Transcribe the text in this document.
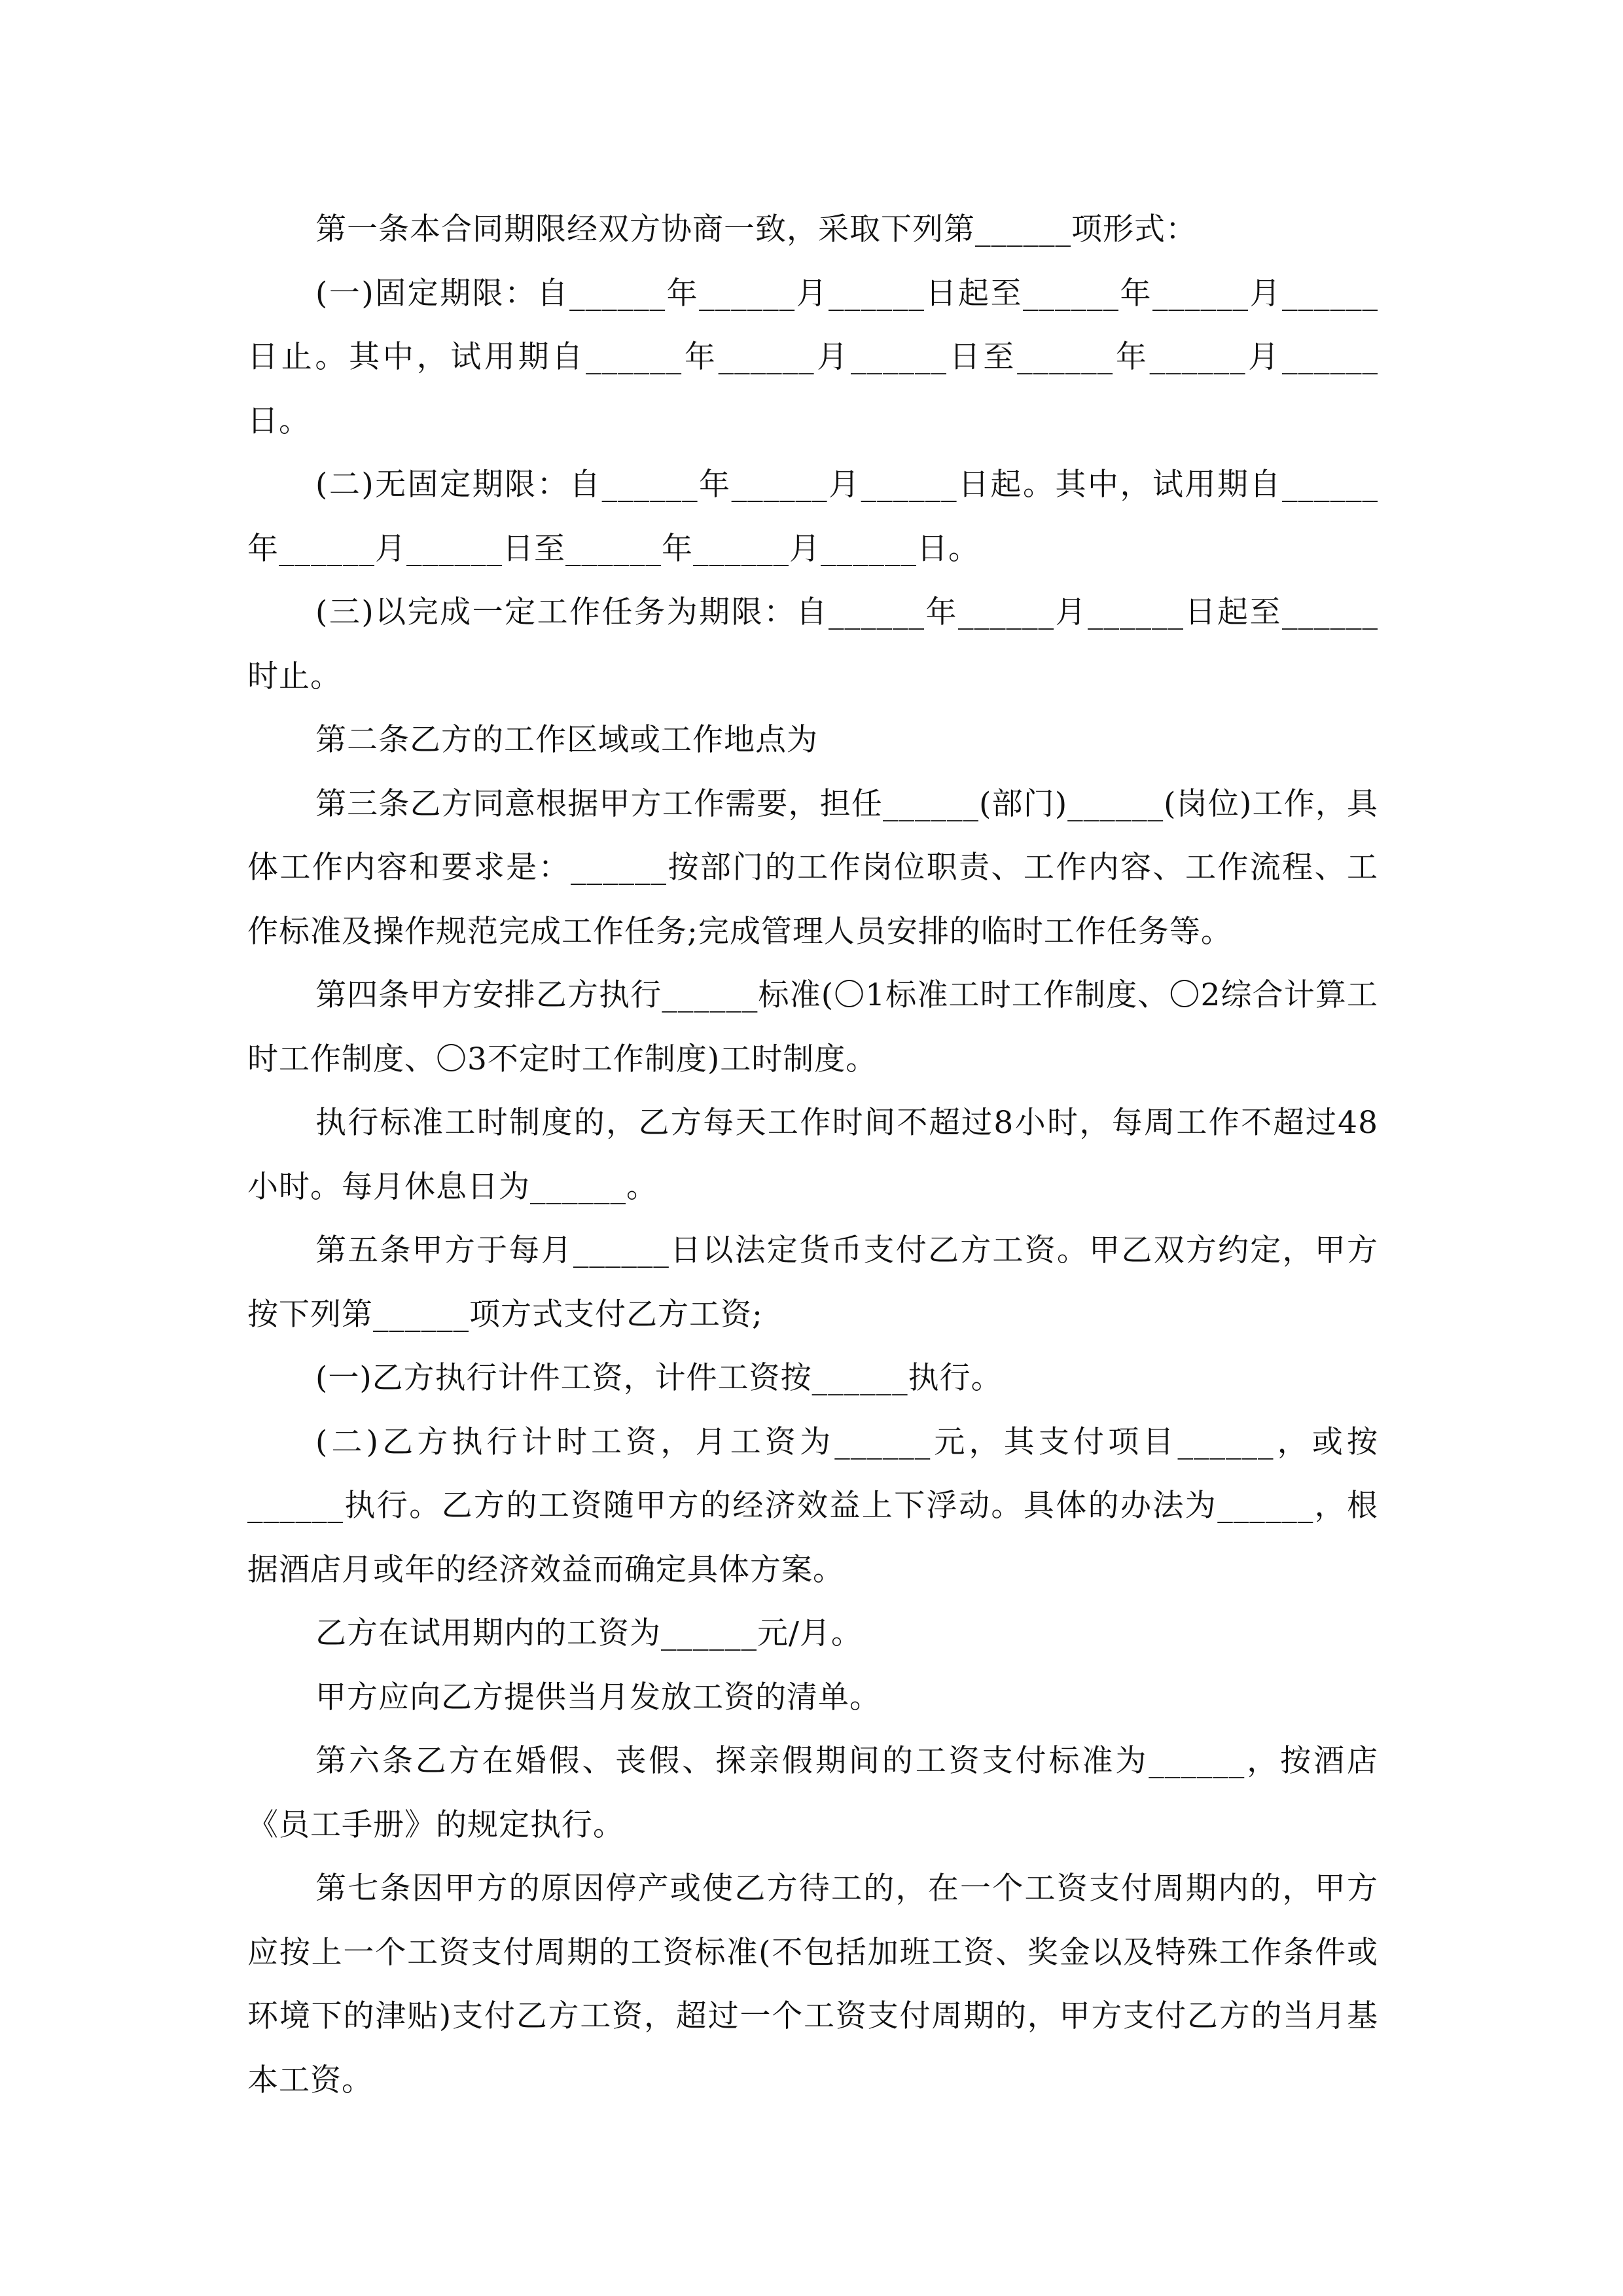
第一条本合同期限经双方协商一致，采取下列第______项形式：

(一)固定期限：自______年______月______日起至______年______月______日止。其中，试用期自______年______月______日至______年______月______日。

(二)无固定期限：自______年______月______日起。其中，试用期自______年______月______日至______年______月______日。

(三)以完成一定工作任务为期限：自______年______月______日起至______时止。

第二条乙方的工作区域或工作地点为

第三条乙方同意根据甲方工作需要，担任______(部门)______(岗位)工作，具体工作内容和要求是：______按部门的工作岗位职责、工作内容、工作流程、工作标准及操作规范完成工作任务;完成管理人员安排的临时工作任务等。

第四条甲方安排乙方执行______标准(〇1标准工时工作制度、〇2综合计算工时工作制度、〇3不定时工作制度)工时制度。

执行标准工时制度的，乙方每天工作时间不超过8小时，每周工作不超过48小时。每月休息日为______。

第五条甲方于每月______日以法定货币支付乙方工资。甲乙双方约定，甲方按下列第______项方式支付乙方工资;

(一)乙方执行计件工资，计件工资按______执行。

(二)乙方执行计时工资，月工资为______元，其支付项目______，或按______执行。乙方的工资随甲方的经济效益上下浮动。具体的办法为______，根据酒店月或年的经济效益而确定具体方案。

乙方在试用期内的工资为______元/月。

甲方应向乙方提供当月发放工资的清单。

第六条乙方在婚假、丧假、探亲假期间的工资支付标准为______，按酒店《员工手册》的规定执行。

第七条因甲方的原因停产或使乙方待工的，在一个工资支付周期内的，甲方应按上一个工资支付周期的工资标准(不包括加班工资、奖金以及特殊工作条件或环境下的津贴)支付乙方工资，超过一个工资支付周期的，甲方支付乙方的当月基本工资。
